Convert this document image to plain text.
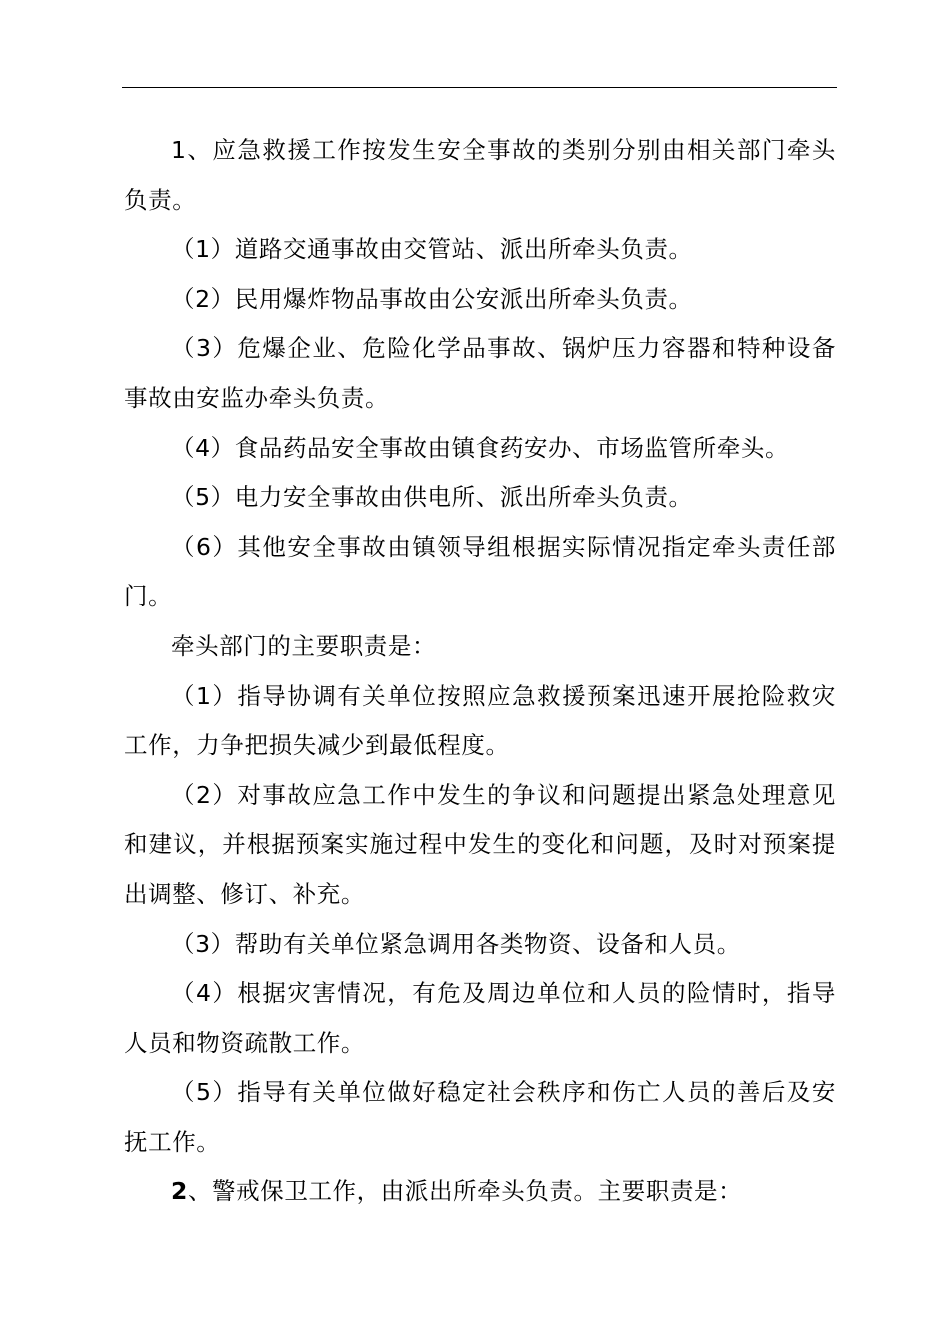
1、应急救援工作按发生安全事故的类别分别由相关部门牵头负责。

（1）道路交通事故由交管站、派出所牵头负责。

（2）民用爆炸物品事故由公安派出所牵头负责。

（3）危爆企业、危险化学品事故、锅炉压力容器和特种设备事故由安监办牵头负责。

（4）食品药品安全事故由镇食药安办、市场监管所牵头。

（5）电力安全事故由供电所、派出所牵头负责。

（6）其他安全事故由镇领导组根据实际情况指定牵头责任部门。

牵头部门的主要职责是：

（1）指导协调有关单位按照应急救援预案迅速开展抢险救灾工作，力争把损失减少到最低程度。

（2）对事故应急工作中发生的争议和问题提出紧急处理意见和建议，并根据预案实施过程中发生的变化和问题，及时对预案提出调整、修订、补充。

（3）帮助有关单位紧急调用各类物资、设备和人员。

（4）根据灾害情况，有危及周边单位和人员的险情时，指导人员和物资疏散工作。

（5）指导有关单位做好稳定社会秩序和伤亡人员的善后及安抚工作。

2、警戒保卫工作，由派出所牵头负责。主要职责是：
